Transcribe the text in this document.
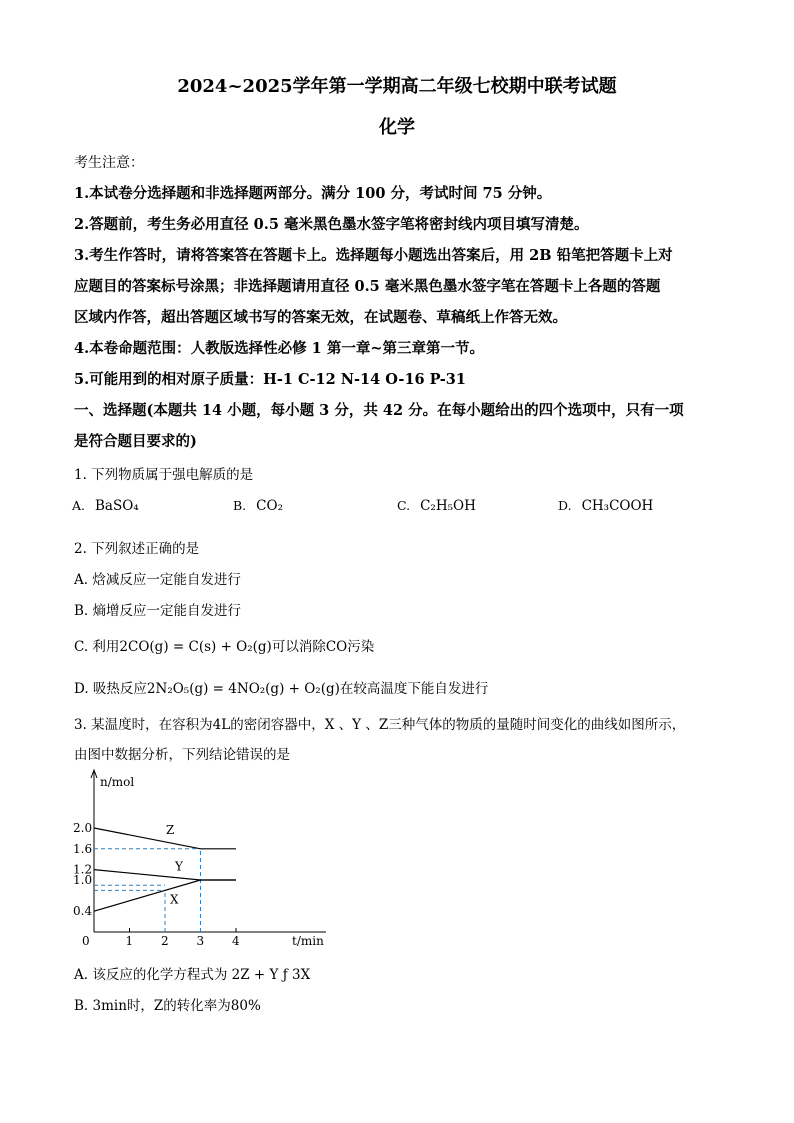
2024~2025学年第一学期高二年级七校期中联考试题
化学
考生注意：
1.本试卷分选择题和非选择题两部分。满分 100 分，考试时间 75 分钟。
2.答题前，考生务必用直径 0.5 毫米黑色墨水签字笔将密封线内项目填写清楚。
3.考生作答时，请将答案答在答题卡上。选择题每小题选出答案后，用 2B 铅笔把答题卡上对
应题目的答案标号涂黑；非选择题请用直径 0.5 毫米黑色墨水签字笔在答题卡上各题的答题
区域内作答，超出答题区域书写的答案无效，在试题卷、草稿纸上作答无效。
4.本卷命题范围：人教版选择性必修 1 第一章~第三章第一节。
5.可能用到的相对原子质量：H-1 C-12 N-14 O-16 P-31
一、选择题(本题共 14 小题，每小题 3 分，共 42 分。在每小题给出的四个选项中，只有一项
是符合题目要求的)
1. 下列物质属于强电解质的是
A. BaSO₄	B. CO₂	C. C₂H₅OH	D. CH₃COOH
2. 下列叙述正确的是
A. 焓减反应一定能自发进行
B. 熵增反应一定能自发进行
C. 利用2CO(g) = C(s) + O₂(g)可以消除CO污染
D. 吸热反应2N₂O₅(g) = 4NO₂(g) + O₂(g)在较高温度下能自发进行
3. 某温度时，在容积为4L的密闭容器中，X 、Y 、Z三种气体的物质的量随时间变化的曲线如图所示，
由图中数据分析，下列结论错误的是
n/mol
t/min
0	1 2 3 4
0.4
1.0
1.2
1.6
2.0	Z
Y
X
A. 该反应的化学方程式为 2Z + Y ƒ 3X
B. 3min时，Z的转化率为80%
